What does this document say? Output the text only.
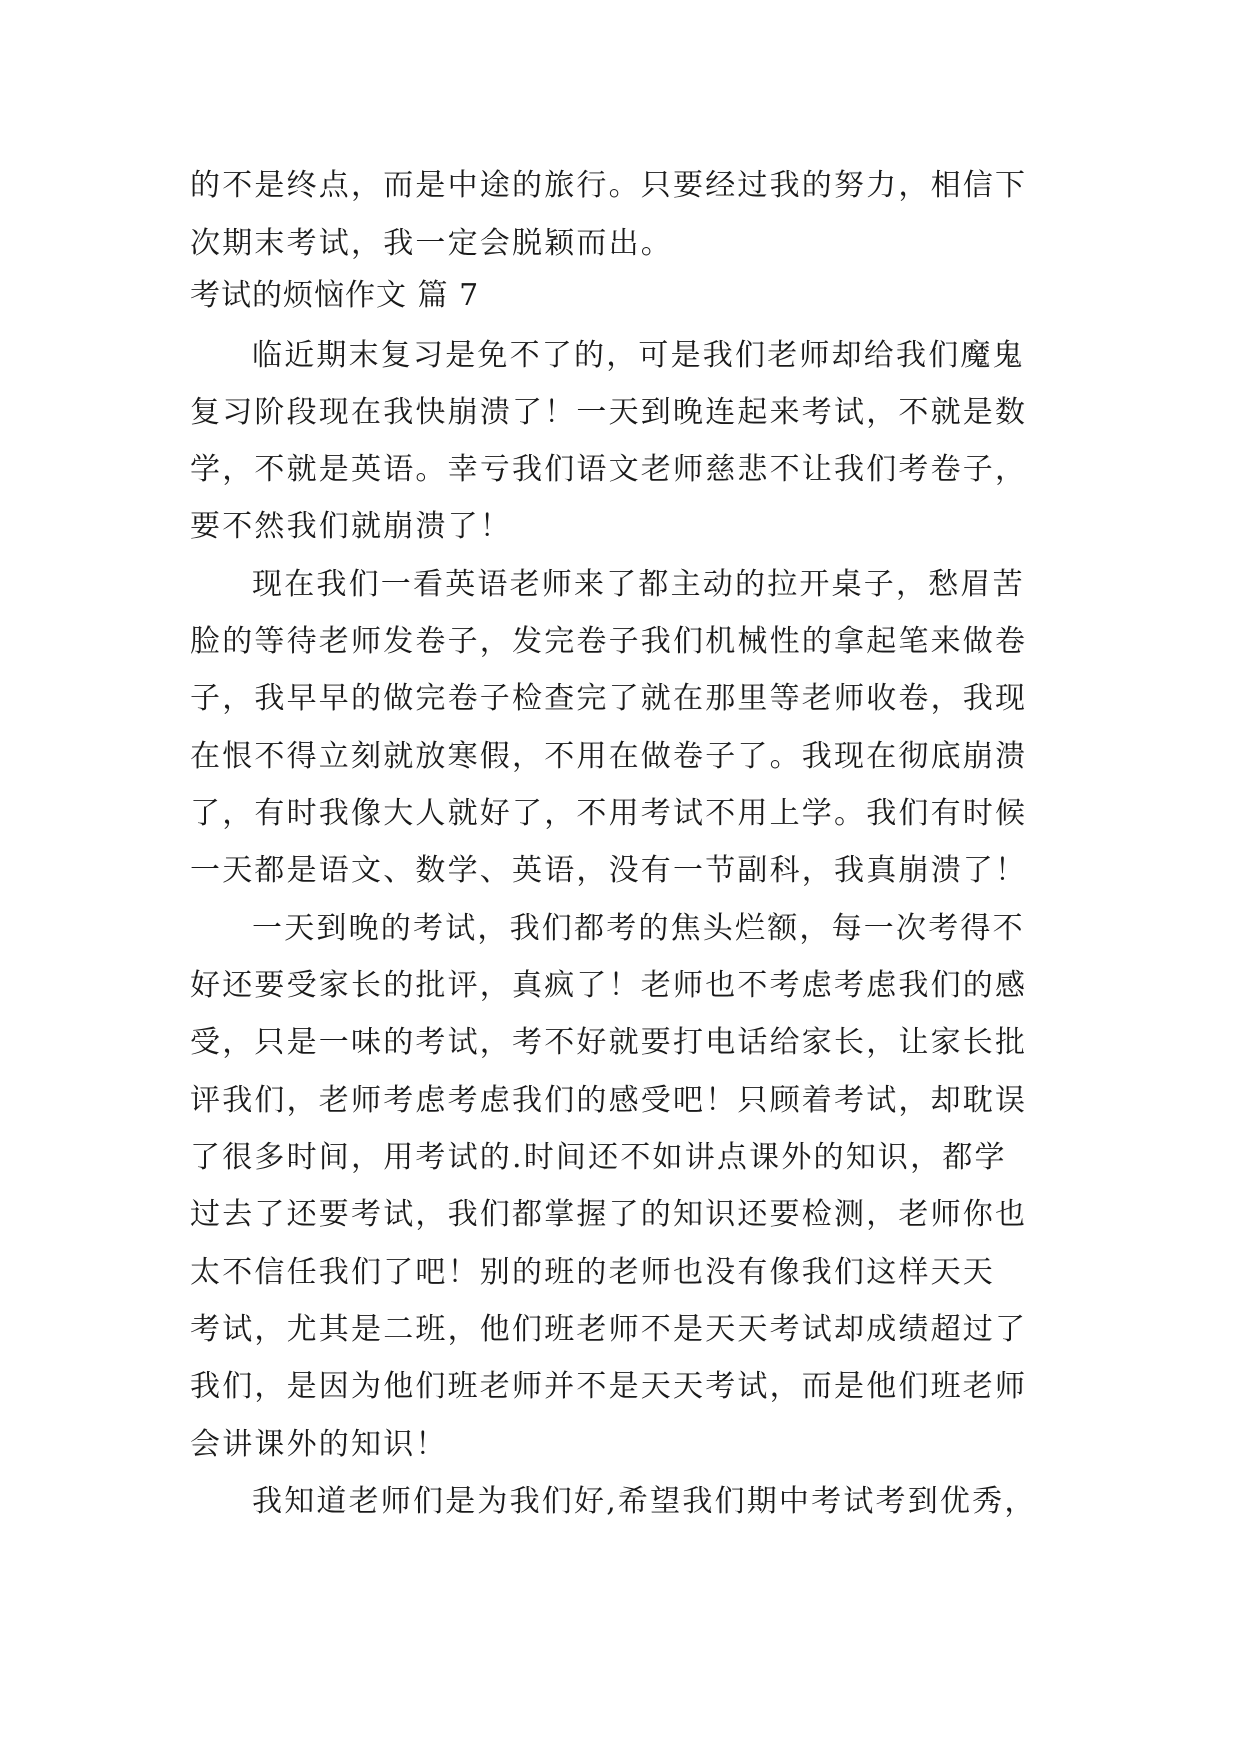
的不是终点，而是中途的旅行。只要经过我的努力，相信下
次期末考试，我一定会脱颖而出。
考试的烦恼作文 篇 7
临近期末复习是免不了的，可是我们老师却给我们魔鬼
复习阶段现在我快崩溃了！一天到晚连起来考试，不就是数
学，不就是英语。幸亏我们语文老师慈悲不让我们考卷子，
要不然我们就崩溃了！
现在我们一看英语老师来了都主动的拉开桌子，愁眉苦
脸的等待老师发卷子，发完卷子我们机械性的拿起笔来做卷
子，我早早的做完卷子检查完了就在那里等老师收卷，我现
在恨不得立刻就放寒假，不用在做卷子了。我现在彻底崩溃
了，有时我像大人就好了，不用考试不用上学。我们有时候
一天都是语文、数学、英语，没有一节副科，我真崩溃了！
一天到晚的考试，我们都考的焦头烂额，每一次考得不
好还要受家长的批评，真疯了！老师也不考虑考虑我们的感
受，只是一味的考试，考不好就要打电话给家长，让家长批
评我们，老师考虑考虑我们的感受吧！只顾着考试，却耽误
了很多时间，用考试的.时间还不如讲点课外的知识，都学
过去了还要考试，我们都掌握了的知识还要检测，老师你也
太不信任我们了吧！别的班的老师也没有像我们这样天天
考试，尤其是二班，他们班老师不是天天考试却成绩超过了
我们，是因为他们班老师并不是天天考试，而是他们班老师
会讲课外的知识！
我知道老师们是为我们好,希望我们期中考试考到优秀，
